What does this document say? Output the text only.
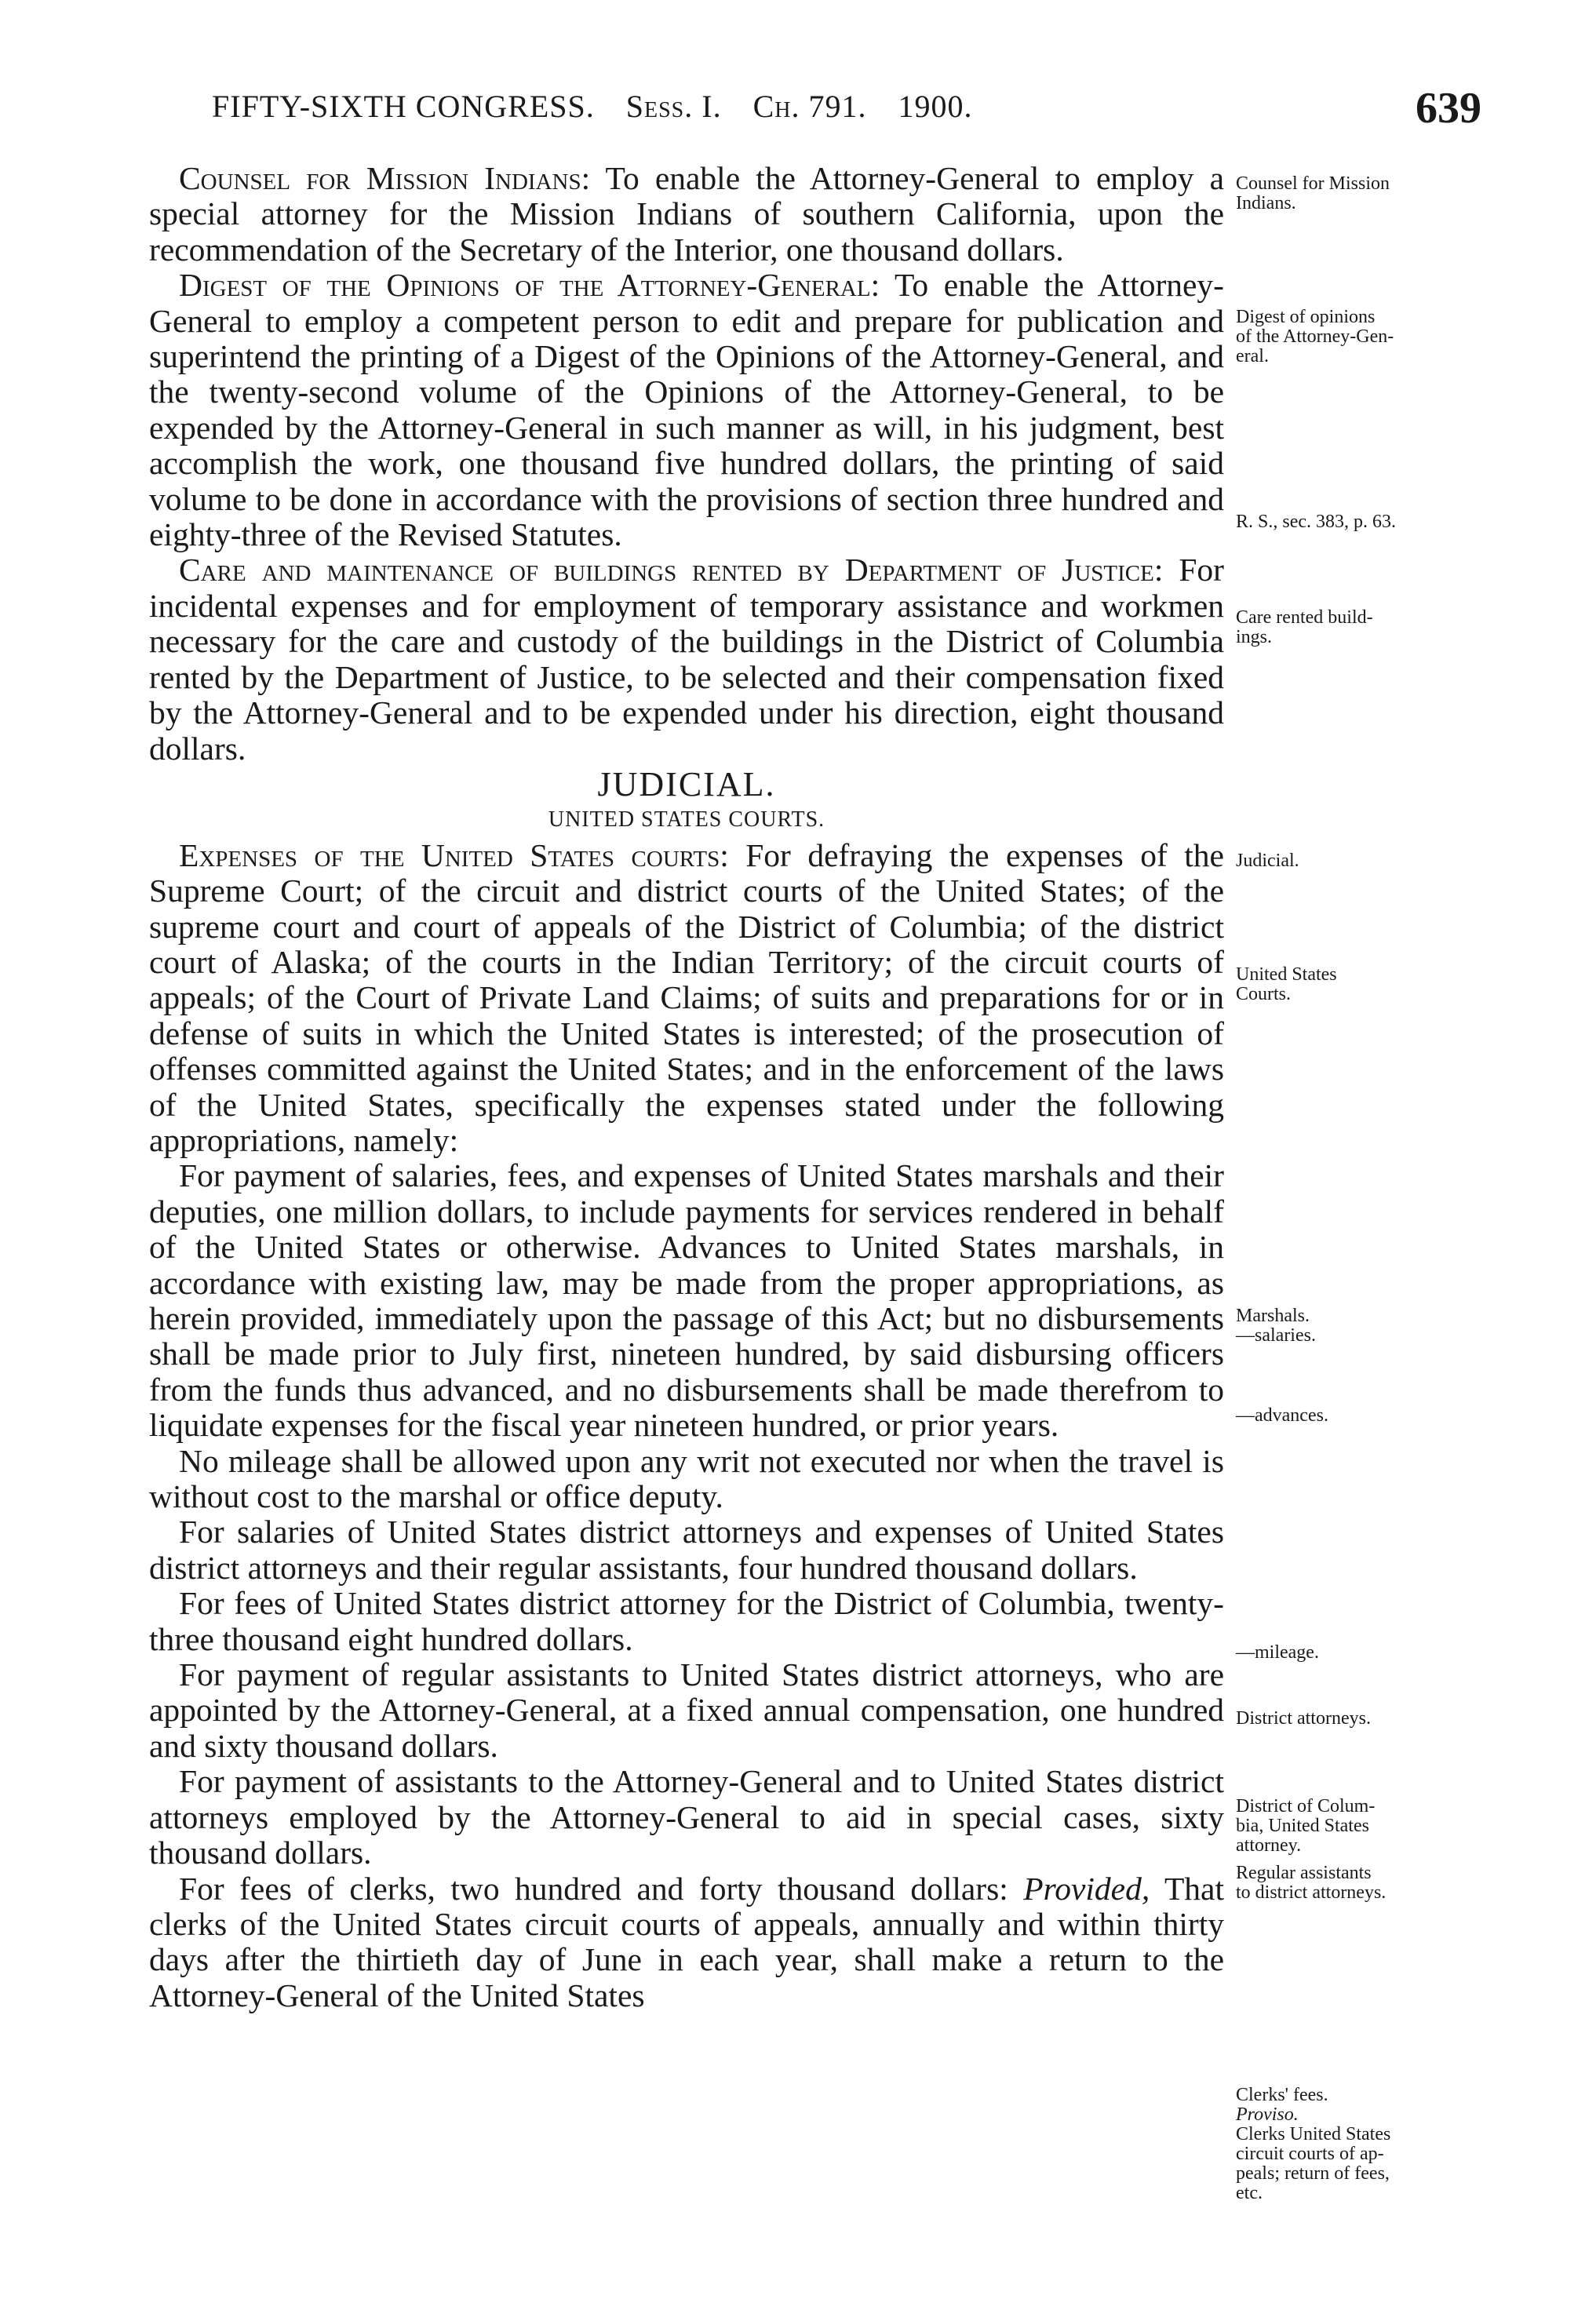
FIFTY-SIXTH CONGRESS. Sess. I. Ch. 791. 1900.	639

Counsel for Mission Indians: To enable the Attorney-General to employ a special attorney for the Mission Indians of southern California, upon the recommendation of the Secretary of the Interior, one thousand dollars.

Digest of the Opinions of the Attorney-General: To enable the Attorney-General to employ a competent person to edit and prepare for publication and superintend the printing of a Digest of the Opinions of the Attorney-General, and the twenty-second volume of the Opinions of the Attorney-General, to be expended by the Attorney-General in such manner as will, in his judgment, best accomplish the work, one thousand five hundred dollars, the printing of said volume to be done in accordance with the provisions of section three hundred and eighty-three of the Revised Statutes.

Care and maintenance of buildings rented by Department of Justice: For incidental expenses and for employment of temporary assistance and workmen necessary for the care and custody of the buildings in the District of Columbia rented by the Department of Justice, to be selected and their compensation fixed by the Attorney-General and to be expended under his direction, eight thousand dollars.

JUDICIAL.

UNITED STATES COURTS.

Expenses of the United States courts: For defraying the expenses of the Supreme Court; of the circuit and district courts of the United States; of the supreme court and court of appeals of the District of Columbia; of the district court of Alaska; of the courts in the Indian Territory; of the circuit courts of appeals; of the Court of Private Land Claims; of suits and preparations for or in defense of suits in which the United States is interested; of the prosecution of offenses committed against the United States; and in the enforcement of the laws of the United States, specifically the expenses stated under the following appropriations, namely:

For payment of salaries, fees, and expenses of United States marshals and their deputies, one million dollars, to include payments for services rendered in behalf of the United States or otherwise. Advances to United States marshals, in accordance with existing law, may be made from the proper appropriations, as herein provided, immediately upon the passage of this Act; but no disbursements shall be made prior to July first, nineteen hundred, by said disbursing officers from the funds thus advanced, and no disbursements shall be made therefrom to liquidate expenses for the fiscal year nineteen hundred, or prior years.

No mileage shall be allowed upon any writ not executed nor when the travel is without cost to the marshal or office deputy.

For salaries of United States district attorneys and expenses of United States district attorneys and their regular assistants, four hundred thousand dollars.

For fees of United States district attorney for the District of Columbia, twenty-three thousand eight hundred dollars.

For payment of regular assistants to United States district attorneys, who are appointed by the Attorney-General, at a fixed annual compensation, one hundred and sixty thousand dollars.

For payment of assistants to the Attorney-General and to United States district attorneys employed by the Attorney-General to aid in special cases, sixty thousand dollars.

For fees of clerks, two hundred and forty thousand dollars: Provided, That clerks of the United States circuit courts of appeals, annually and within thirty days after the thirtieth day of June in each year, shall make a return to the Attorney-General of the United States

Counsel for Mission
Indians.
Digest of opinions
of the Attorney-Gen-
eral.
R. S., sec. 383, p. 63.
Care rented build-
ings.
Judicial.
United States
Courts.
Marshals.
—salaries.
—advances.
—mileage.
District attorneys.
District of Colum-
bia, United States
attorney.
Regular assistants
to district attorneys.
Clerks' fees.
Proviso.
Clerks United States
circuit courts of ap-
peals; return of fees,
etc.
